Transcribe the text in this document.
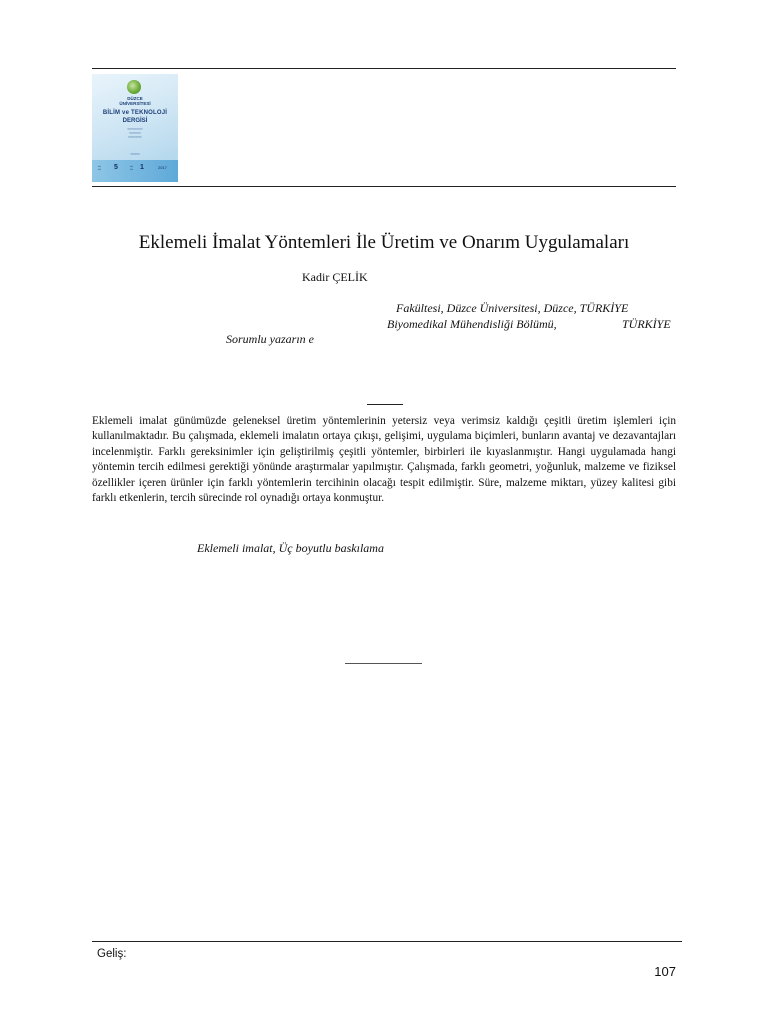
DÜZCE
ÜNİVERSİTESİ
BİLİM ve TEKNOLOJİ
DERGİSİ
━━━━━━━━
━━━━━━
━━━━━━━
━━━━━
━━
━━ 5	━━
━━ 1	2017
Eklemeli İmalat Yöntemleri İle Üretim ve Onarım Uygulamaları
Kadir ÇELİK
Fakültesi, Düzce Üniversitesi, Düzce, TÜRKİYE
Biyomedikal Mühendisliği Bölümü,	TÜRKİYE
Sorumlu yazarın e
Eklemeli imalat günümüzde geleneksel üretim yöntemlerinin yetersiz veya verimsiz kaldığı çeşitli üretim işlemleri için kullanılmaktadır. Bu çalışmada, eklemeli imalatın ortaya çıkışı, gelişimi, uygulama biçimleri, bunların avantaj ve dezavantajları incelenmiştir. Farklı gereksinimler için geliştirilmiş çeşitli yöntemler, birbirleri ile kıyaslanmıştır. Hangi uygulamada hangi yöntemin tercih edilmesi gerektiği yönünde araştırmalar yapılmıştır. Çalışmada, farklı geometri, yoğunluk, malzeme ve fiziksel özellikler içeren ürünler için farklı yöntemlerin tercihinin olacağı tespit edilmiştir. Süre, malzeme miktarı, yüzey kalitesi gibi farklı etkenlerin, tercih sürecinde rol oynadığı ortaya konmuştur.
Eklemeli imalat, Üç boyutlu baskılama
Geliş:
107
